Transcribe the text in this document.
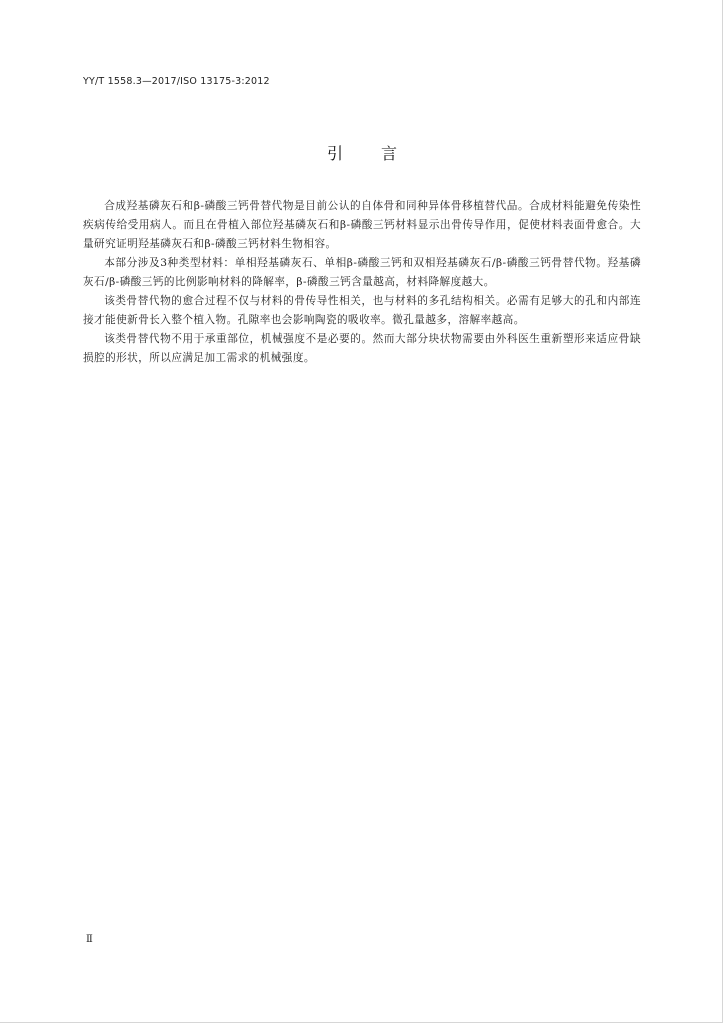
YY/T 1558.3—2017/ISO 13175-3:2012
引 言

合成羟基磷灰石和β-磷酸三钙骨替代物是目前公认的自体骨和同种异体骨移植替代品。合成材料能避免传染性疾病传给受用病人。而且在骨植入部位羟基磷灰石和β-磷酸三钙材料显示出骨传导作用，促使材料表面骨愈合。大量研究证明羟基磷灰石和β-磷酸三钙材料生物相容。

本部分涉及3种类型材料：单相羟基磷灰石、单相β-磷酸三钙和双相羟基磷灰石/β-磷酸三钙骨替代物。羟基磷灰石/β-磷酸三钙的比例影响材料的降解率，β-磷酸三钙含量越高，材料降解度越大。

该类骨替代物的愈合过程不仅与材料的骨传导性相关，也与材料的多孔结构相关。必需有足够大的孔和内部连接才能使新骨长入整个植入物。孔隙率也会影响陶瓷的吸收率。微孔量越多，溶解率越高。

该类骨替代物不用于承重部位，机械强度不是必要的。然而大部分块状物需要由外科医生重新塑形来适应骨缺损腔的形状，所以应满足加工需求的机械强度。

Ⅱ
